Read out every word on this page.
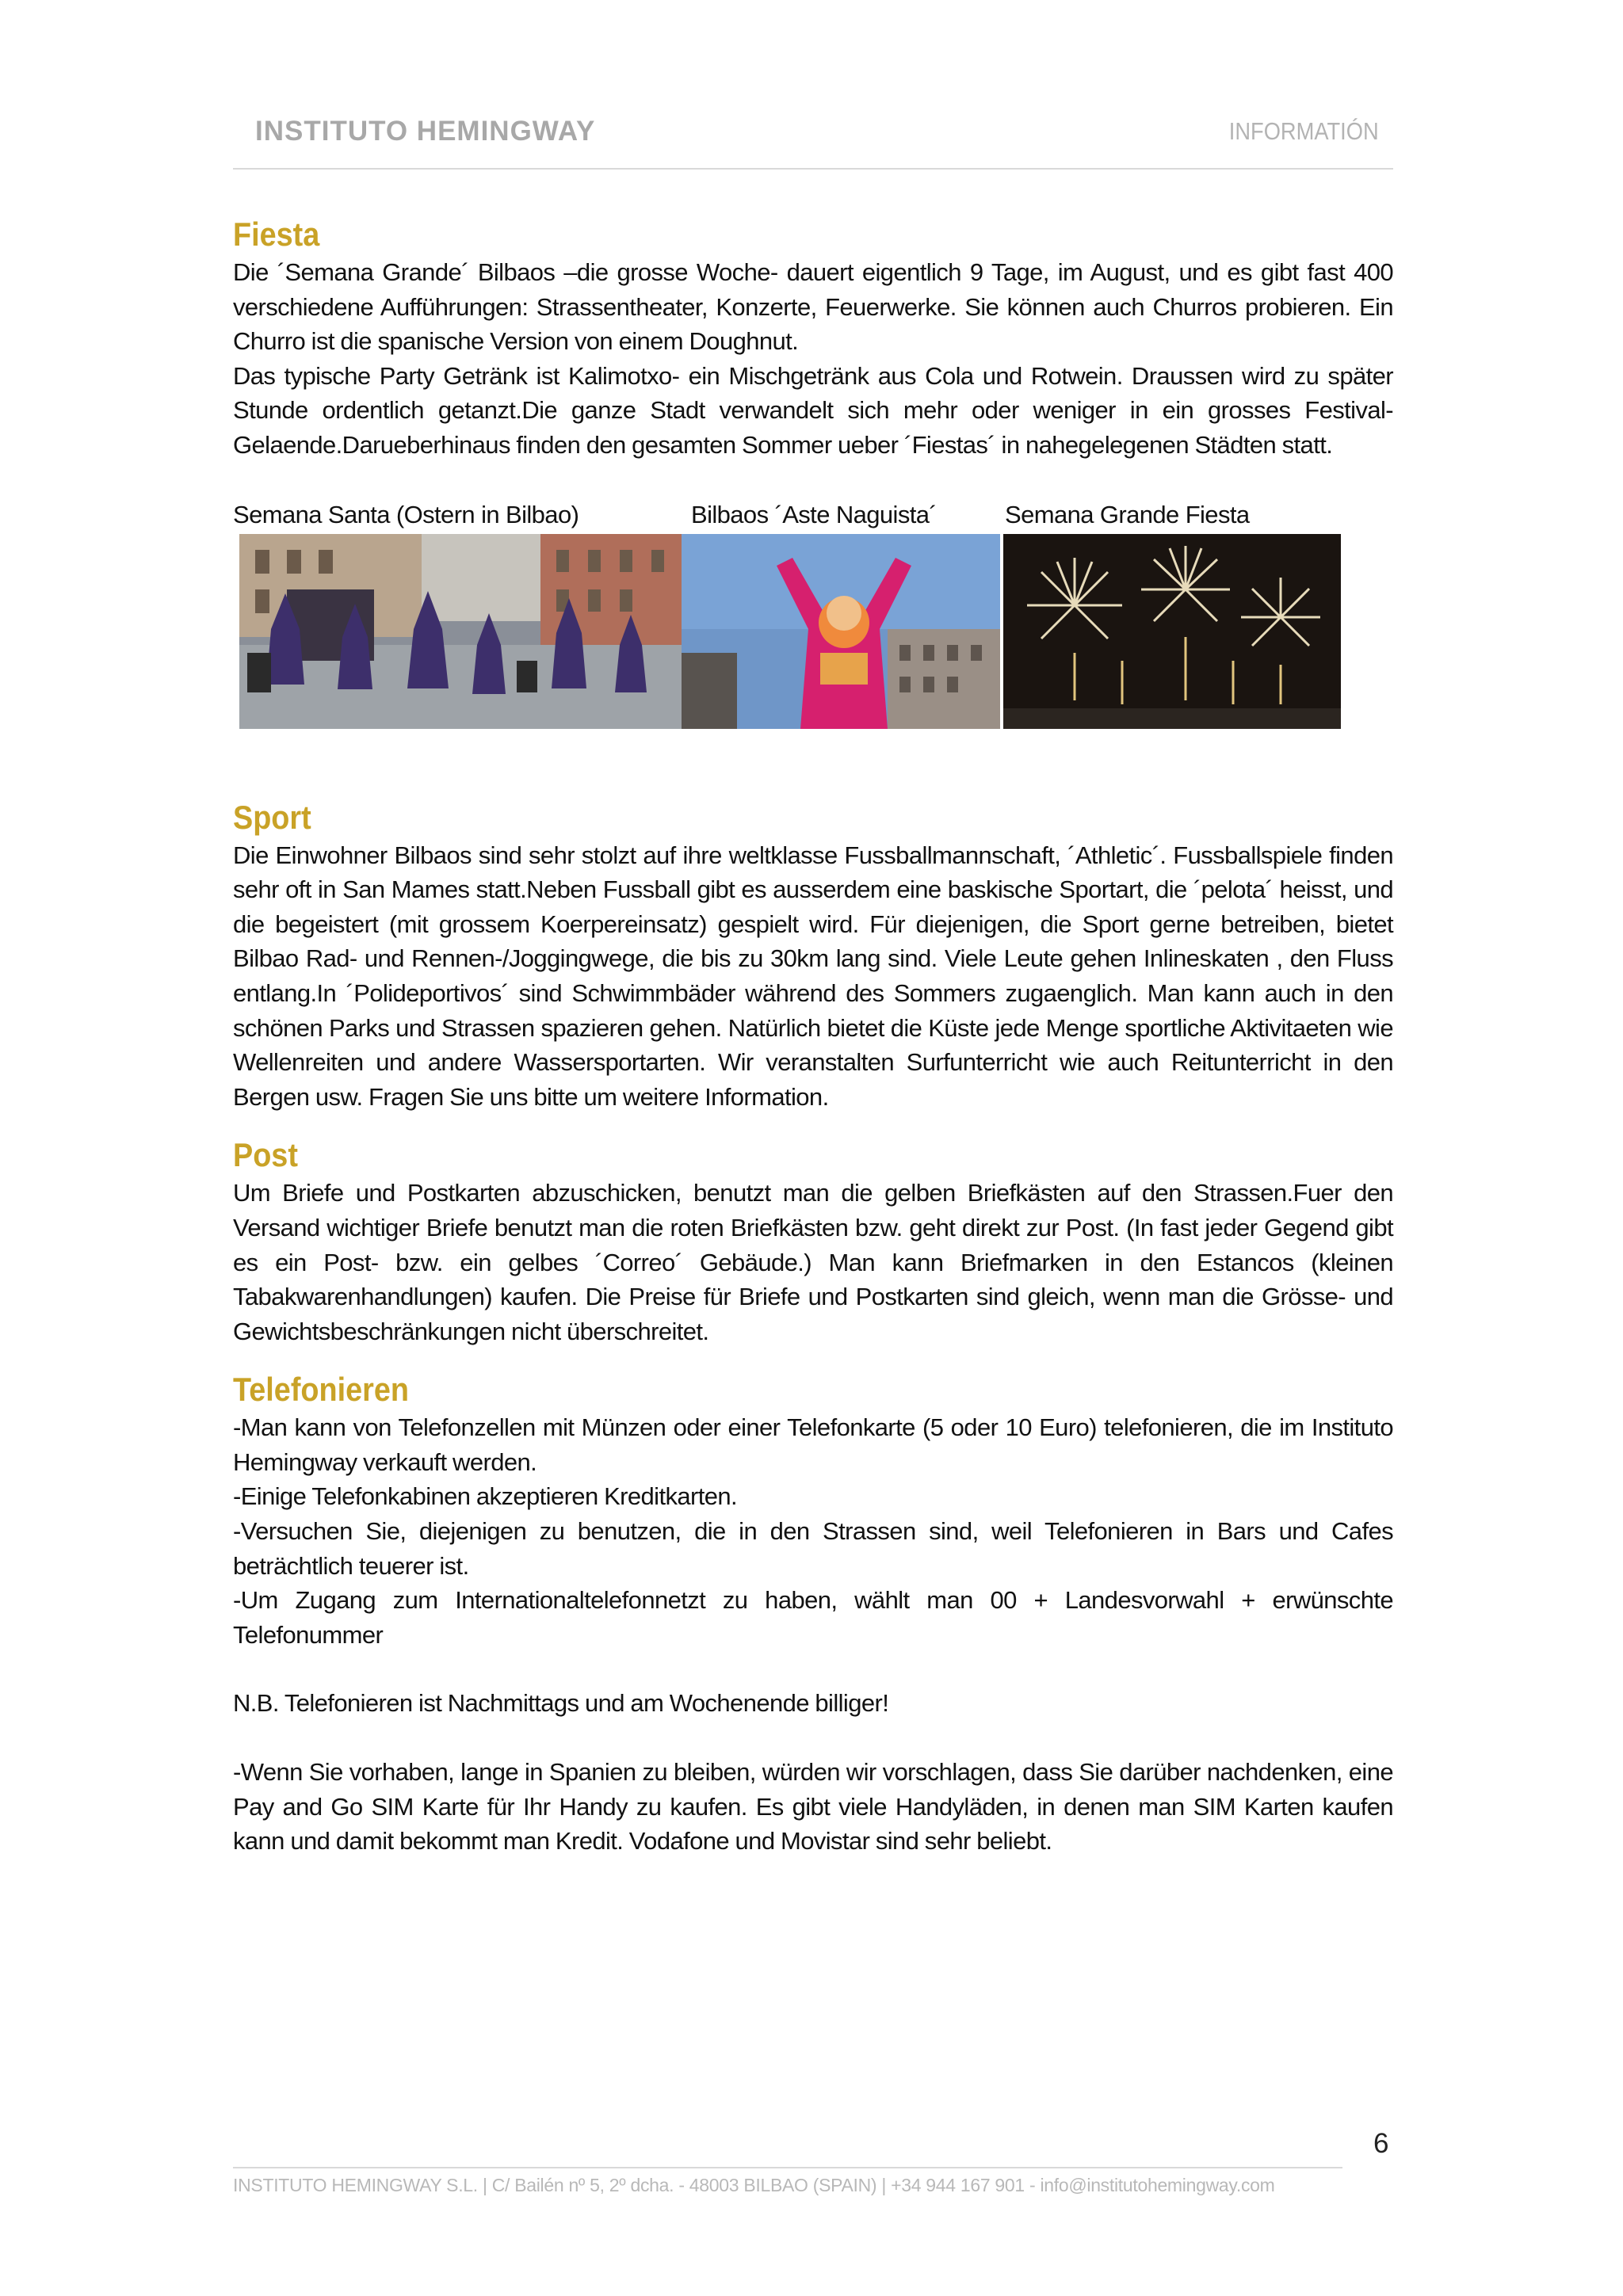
INSTITUTO HEMINGWAY	INFORMATIÓN
Fiesta

Die ´Semana Grande´ Bilbaos –die grosse Woche- dauert eigentlich 9 Tage, im August, und es gibt fast 400 verschiedene Aufführungen: Strassentheater, Konzerte, Feuerwerke. Sie können auch Churros probieren. Ein Churro ist die spanische Version von einem Doughnut.

Das typische Party Getränk ist Kalimotxo- ein Mischgetränk aus Cola und Rotwein. Draussen wird zu später Stunde ordentlich getanzt.Die ganze Stadt verwandelt sich mehr oder weniger in ein grosses Festival-Gelaende.Darueberhinaus finden den gesamten Sommer ueber ´Fiestas´ in nahegelegenen Städten statt.

Semana Santa (Ostern in Bilbao)	Bilbaos ´Aste Naguista´	Semana Grande Fiesta
Sport

Die Einwohner Bilbaos sind sehr stolzt auf ihre weltklasse Fussballmannschaft, ´Athletic´. Fussballspiele finden sehr oft in San Mames statt.Neben Fussball gibt es ausserdem eine baskische Sportart, die ´pelota´ heisst, und die begeistert (mit grossem Koerpereinsatz) gespielt wird. Für diejenigen, die Sport gerne betreiben, bietet Bilbao Rad- und Rennen-/Joggingwege, die bis zu 30km lang sind. Viele Leute gehen Inlineskaten , den Fluss entlang.In ´Polideportivos´ sind Schwimmbäder während des Sommers zugaenglich. Man kann auch in den schönen Parks und Strassen spazieren gehen. Natürlich bietet die Küste jede Menge sportliche Aktivitaeten wie Wellenreiten und andere Wassersportarten. Wir veranstalten Surfunterricht wie auch Reitunterricht in den Bergen usw. Fragen Sie uns bitte um weitere Information.

Post

Um Briefe und Postkarten abzuschicken, benutzt man die gelben Briefkästen auf den Strassen.Fuer den Versand wichtiger Briefe benutzt man die roten Briefkästen bzw. geht direkt zur Post. (In fast jeder Gegend gibt es ein Post- bzw. ein gelbes ´Correo´ Gebäude.) Man kann Briefmarken in den Estancos (kleinen Tabakwarenhandlungen) kaufen. Die Preise für Briefe und Postkarten sind gleich, wenn man die Grösse- und Gewichtsbeschränkungen nicht überschreitet.

Telefonieren

-Man kann von Telefonzellen mit Münzen oder einer Telefonkarte (5 oder 10 Euro) telefonieren, die im Instituto Hemingway verkauft werden.

-Einige Telefonkabinen akzeptieren Kreditkarten.

-Versuchen Sie, diejenigen zu benutzen, die in den Strassen sind, weil Telefonieren in Bars und Cafes beträchtlich teuerer ist.

-Um Zugang zum Internationaltelefonnetzt zu haben, wählt man 00 + Landesvorwahl + erwünschte Telefonummer

N.B. Telefonieren ist Nachmittags und am Wochenende billiger!

-Wenn Sie vorhaben, lange in Spanien zu bleiben, würden wir vorschlagen, dass Sie darüber nachdenken, eine Pay and Go SIM Karte für Ihr Handy zu kaufen. Es gibt viele Handyläden, in denen man SIM Karten kaufen kann und damit bekommt man Kredit. Vodafone und Movistar sind sehr beliebt.

6
INSTITUTO HEMINGWAY S.L. | C/ Bailén nº 5, 2º dcha. - 48003 BILBAO (SPAIN) | +34 944 167 901 - info@institutohemingway.com
